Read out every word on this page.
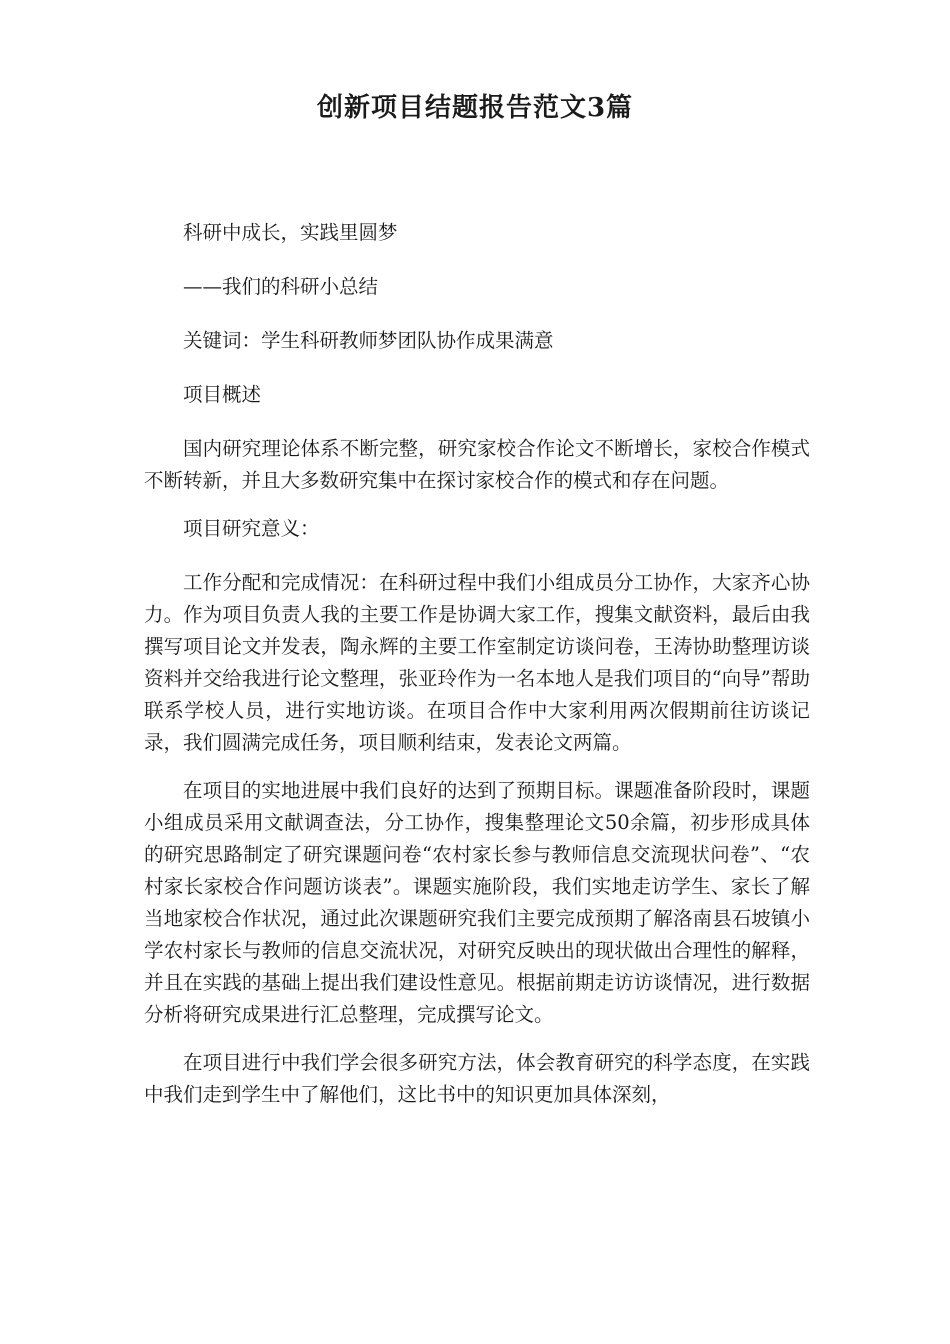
创新项目结题报告范文3篇

科研中成长，实践里圆梦

——我们的科研小总结

关键词：学生科研教师梦团队协作成果满意

项目概述

国内研究理论体系不断完整，研究家校合作论文不断增长，家校合作模式不断转新，并且大多数研究集中在探讨家校合作的模式和存在问题。

项目研究意义：

工作分配和完成情况：在科研过程中我们小组成员分工协作，大家齐心协力。作为项目负责人我的主要工作是协调大家工作，搜集文献资料，最后由我撰写项目论文并发表，陶永辉的主要工作室制定访谈问卷，王涛协助整理访谈资料并交给我进行论文整理，张亚玲作为一名本地人是我们项目的“向导”帮助联系学校人员，进行实地访谈。在项目合作中大家利用两次假期前往访谈记录，我们圆满完成任务，项目顺利结束，发表论文两篇。

在项目的实地进展中我们良好的达到了预期目标。课题准备阶段时，课题小组成员采用文献调查法，分工协作，搜集整理论文50余篇，初步形成具体的研究思路制定了研究课题问卷“农村家长参与教师信息交流现状问卷”、“农村家长家校合作问题访谈表”。课题实施阶段，我们实地走访学生、家长了解当地家校合作状况，通过此次课题研究我们主要完成预期了解洛南县石坡镇小学农村家长与教师的信息交流状况，对研究反映出的现状做出合理性的解释，并且在实践的基础上提出我们建设性意见。根据前期走访访谈情况，进行数据分析将研究成果进行汇总整理，完成撰写论文。

在项目进行中我们学会很多研究方法，体会教育研究的科学态度，在实践中我们走到学生中了解他们，这比书中的知识更加具体深刻，
